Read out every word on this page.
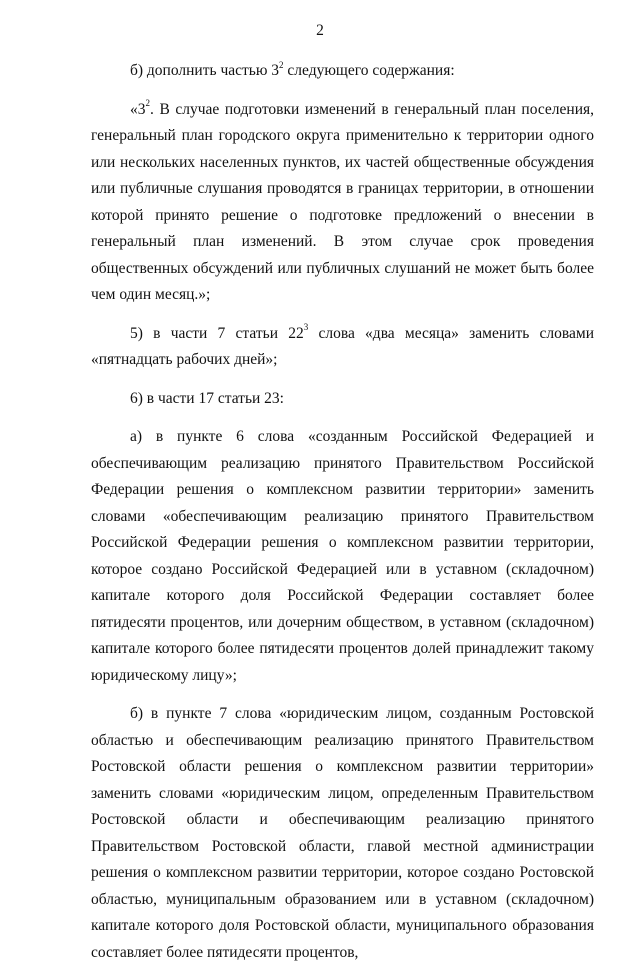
2

б) дополнить частью $3^2$ следующего содержания:

«$3^2$. В случае подготовки изменений в генеральный план поселения, генеральный план городского округа применительно к территории одного или нескольких населенных пунктов, их частей общественные обсуждения или публичные слушания проводятся в границах территории, в отношении которой принято решение о подготовке предложений о внесении в генеральный план изменений. В этом случае срок проведения общественных обсуждений или публичных слушаний не может быть более чем один месяц.»;

5) в части 7 статьи $22^3$ слова «два месяца» заменить словами «пятнадцать рабочих дней»;

6) в части 17 статьи 23:

а) в пункте 6 слова «созданным Российской Федерацией и обеспечивающим реализацию принятого Правительством Российской Федерации решения о комплексном развитии территории» заменить словами «обеспечивающим реализацию принятого Правительством Российской Федерации решения о комплексном развитии территории, которое создано Российской Федерацией или в уставном (складочном) капитале которого доля Российской Федерации составляет более пятидесяти процентов, или дочерним обществом, в уставном (складочном) капитале которого более пятидесяти процентов долей принадлежит такому юридическому лицу»;

б) в пункте 7 слова «юридическим лицом, созданным Ростовской областью и обеспечивающим реализацию принятого Правительством Ростовской области решения о комплексном развитии территории» заменить словами «юридическим лицом, определенным Правительством Ростовской области и обеспечивающим реализацию принятого Правительством Ростовской области, главой местной администрации решения о комплексном развитии территории, которое создано Ростовской областью, муниципальным образованием или в уставном (складочном) капитале которого доля Ростовской области, муниципального образования составляет более пятидесяти процентов,
